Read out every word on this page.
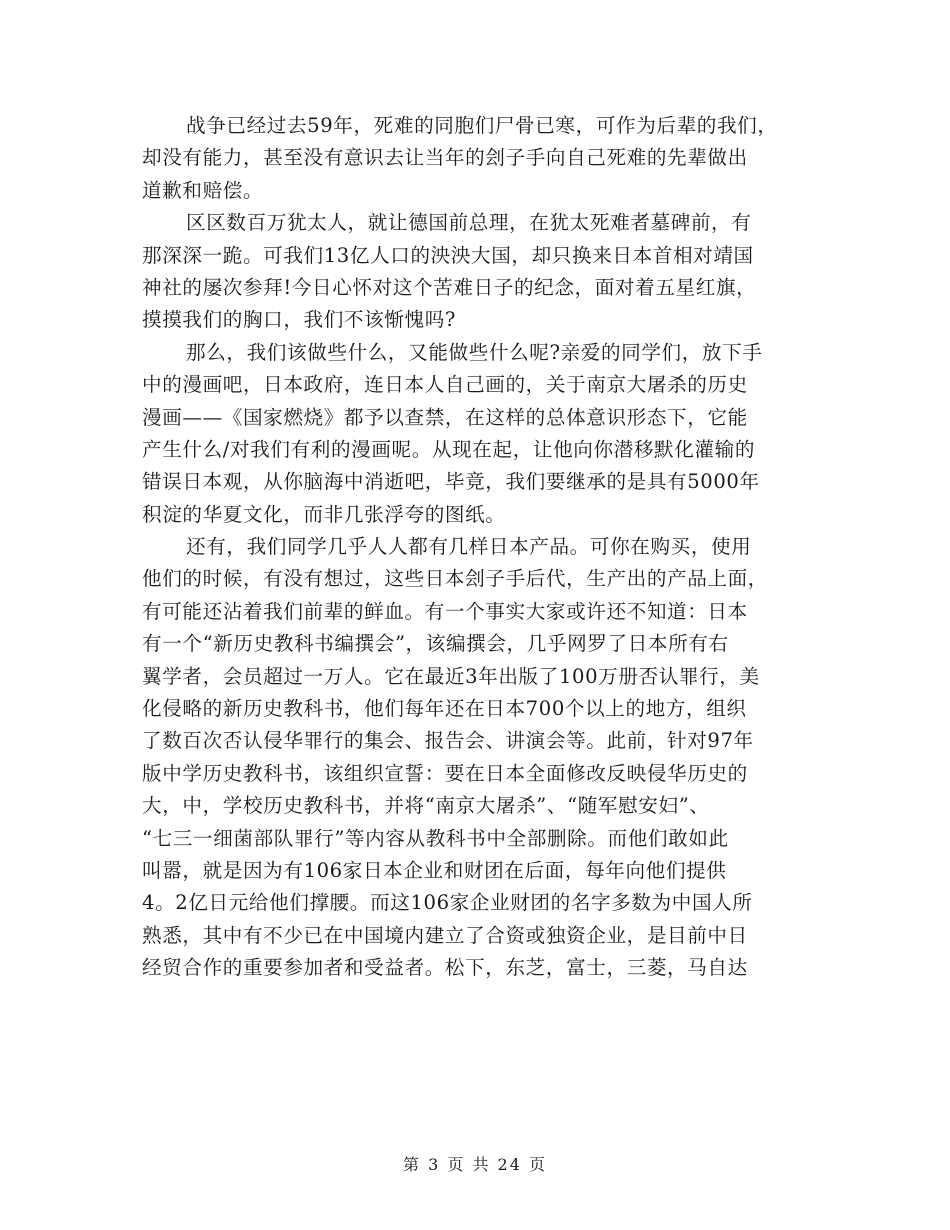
战争已经过去59年，死难的同胞们尸骨已寒，可作为后辈的我们，
却没有能力，甚至没有意识去让当年的刽子手向自己死难的先辈做出
道歉和赔偿。
区区数百万犹太人，就让德国前总理，在犹太死难者墓碑前，有
那深深一跪。可我们13亿人口的泱泱大国，却只换来日本首相对靖国
神社的屡次参拜!今日心怀对这个苦难日子的纪念，面对着五星红旗，
摸摸我们的胸口，我们不该惭愧吗?
那么，我们该做些什么，又能做些什么呢?亲爱的同学们，放下手
中的漫画吧，日本政府，连日本人自己画的，关于南京大屠杀的历史
漫画——《国家燃烧》都予以查禁，在这样的总体意识形态下，它能
产生什么/对我们有利的漫画呢。从现在起，让他向你潜移默化灌输的
错误日本观，从你脑海中消逝吧，毕竟，我们要继承的是具有5000年
积淀的华夏文化，而非几张浮夸的图纸。
还有，我们同学几乎人人都有几样日本产品。可你在购买，使用
他们的时候，有没有想过，这些日本刽子手后代，生产出的产品上面，
有可能还沾着我们前辈的鲜血。有一个事实大家或许还不知道：日本
有一个“新历史教科书编撰会”，该编撰会，几乎网罗了日本所有右
翼学者，会员超过一万人。它在最近3年出版了100万册否认罪行，美
化侵略的新历史教科书，他们每年还在日本700个以上的地方，组织
了数百次否认侵华罪行的集会、报告会、讲演会等。此前，针对97年
版中学历史教科书，该组织宣誓：要在日本全面修改反映侵华历史的
大，中，学校历史教科书，并将“南京大屠杀”、“随军慰安妇”、
“七三一细菌部队罪行”等内容从教科书中全部删除。而他们敢如此
叫嚣，就是因为有106家日本企业和财团在后面，每年向他们提供
4。2亿日元给他们撑腰。而这106家企业财团的名字多数为中国人所
熟悉，其中有不少已在中国境内建立了合资或独资企业，是目前中日
经贸合作的重要参加者和受益者。松下，东芝，富士，三菱，马自达
第 3 页 共 24 页
